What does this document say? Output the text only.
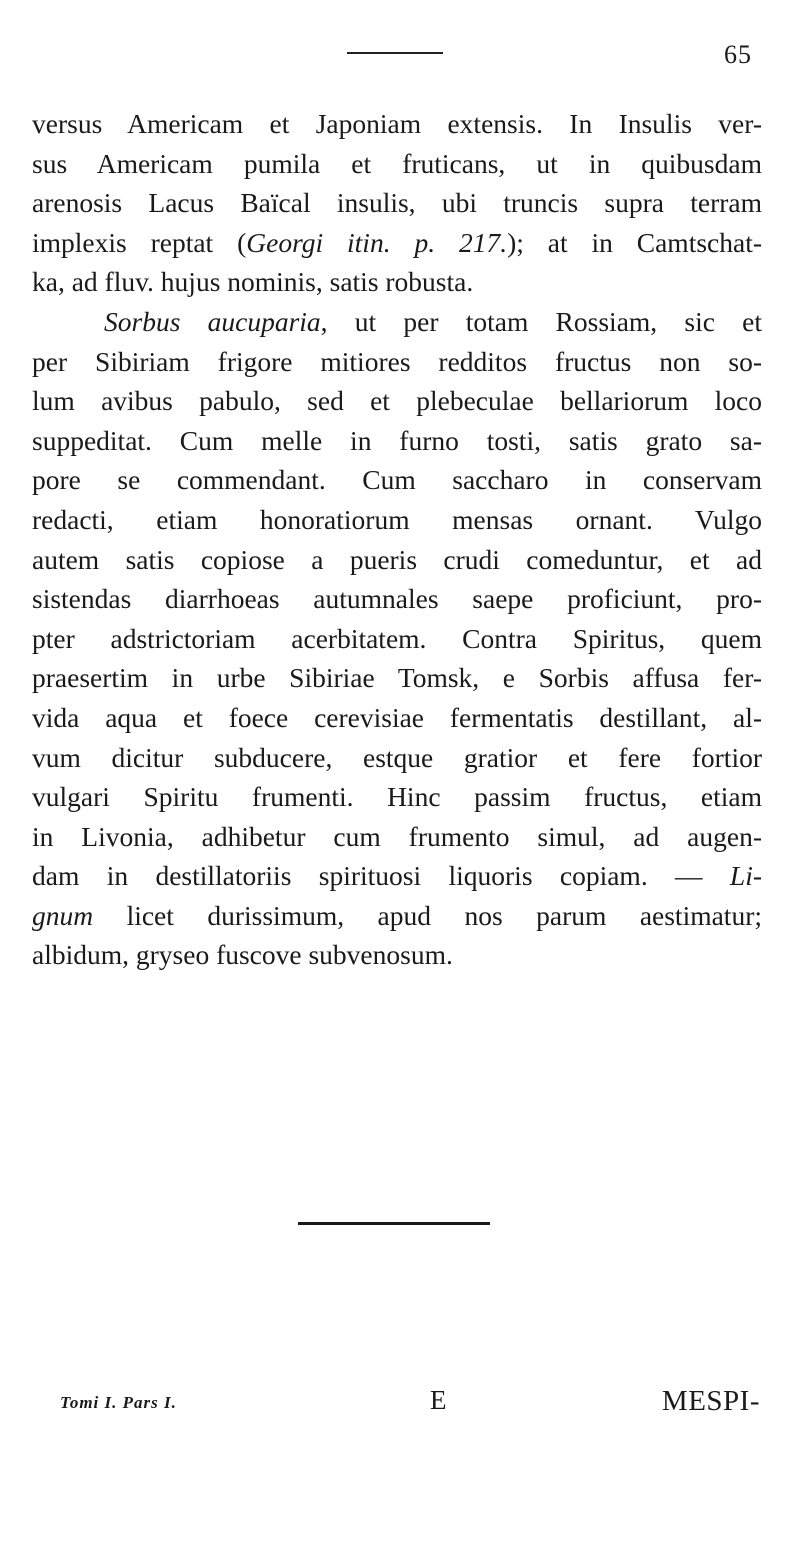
65
versus Americam et Japoniam extensis. In Insulis ver-
sus Americam pumila et fruticans, ut in quibusdam
arenosis Lacus Baïcal insulis, ubi truncis supra terram
implexis reptat (Georgi itin. p. 217.); at in Camtschat-
ka, ad fluv. hujus nominis, satis robusta.
Sorbus aucuparia, ut per totam Rossiam, sic et
per Sibiriam frigore mitiores redditos fructus non so-
lum avibus pabulo, sed et plebeculae bellariorum loco
suppeditat. Cum melle in furno tosti, satis grato sa-
pore se commendant. Cum saccharo in conservam
redacti, etiam honoratiorum mensas ornant. Vulgo
autem satis copiose a pueris crudi comeduntur, et ad
sistendas diarrhoeas autumnales saepe proficiunt, pro-
pter adstrictoriam acerbitatem. Contra Spiritus, quem
praesertim in urbe Sibiriae Tomsk, e Sorbis affusa fer-
vida aqua et foece cerevisiae fermentatis destillant, al-
vum dicitur subducere, estque gratior et fere fortior
vulgari Spiritu frumenti. Hinc passim fructus, etiam
in Livonia, adhibetur cum frumento simul, ad augen-
dam in destillatoriis spirituosi liquoris copiam. — Li-
gnum licet durissimum, apud nos parum aestimatur;
albidum, gryseo fuscove subvenosum.
Tomi I. Pars I.	E	MESPI-
